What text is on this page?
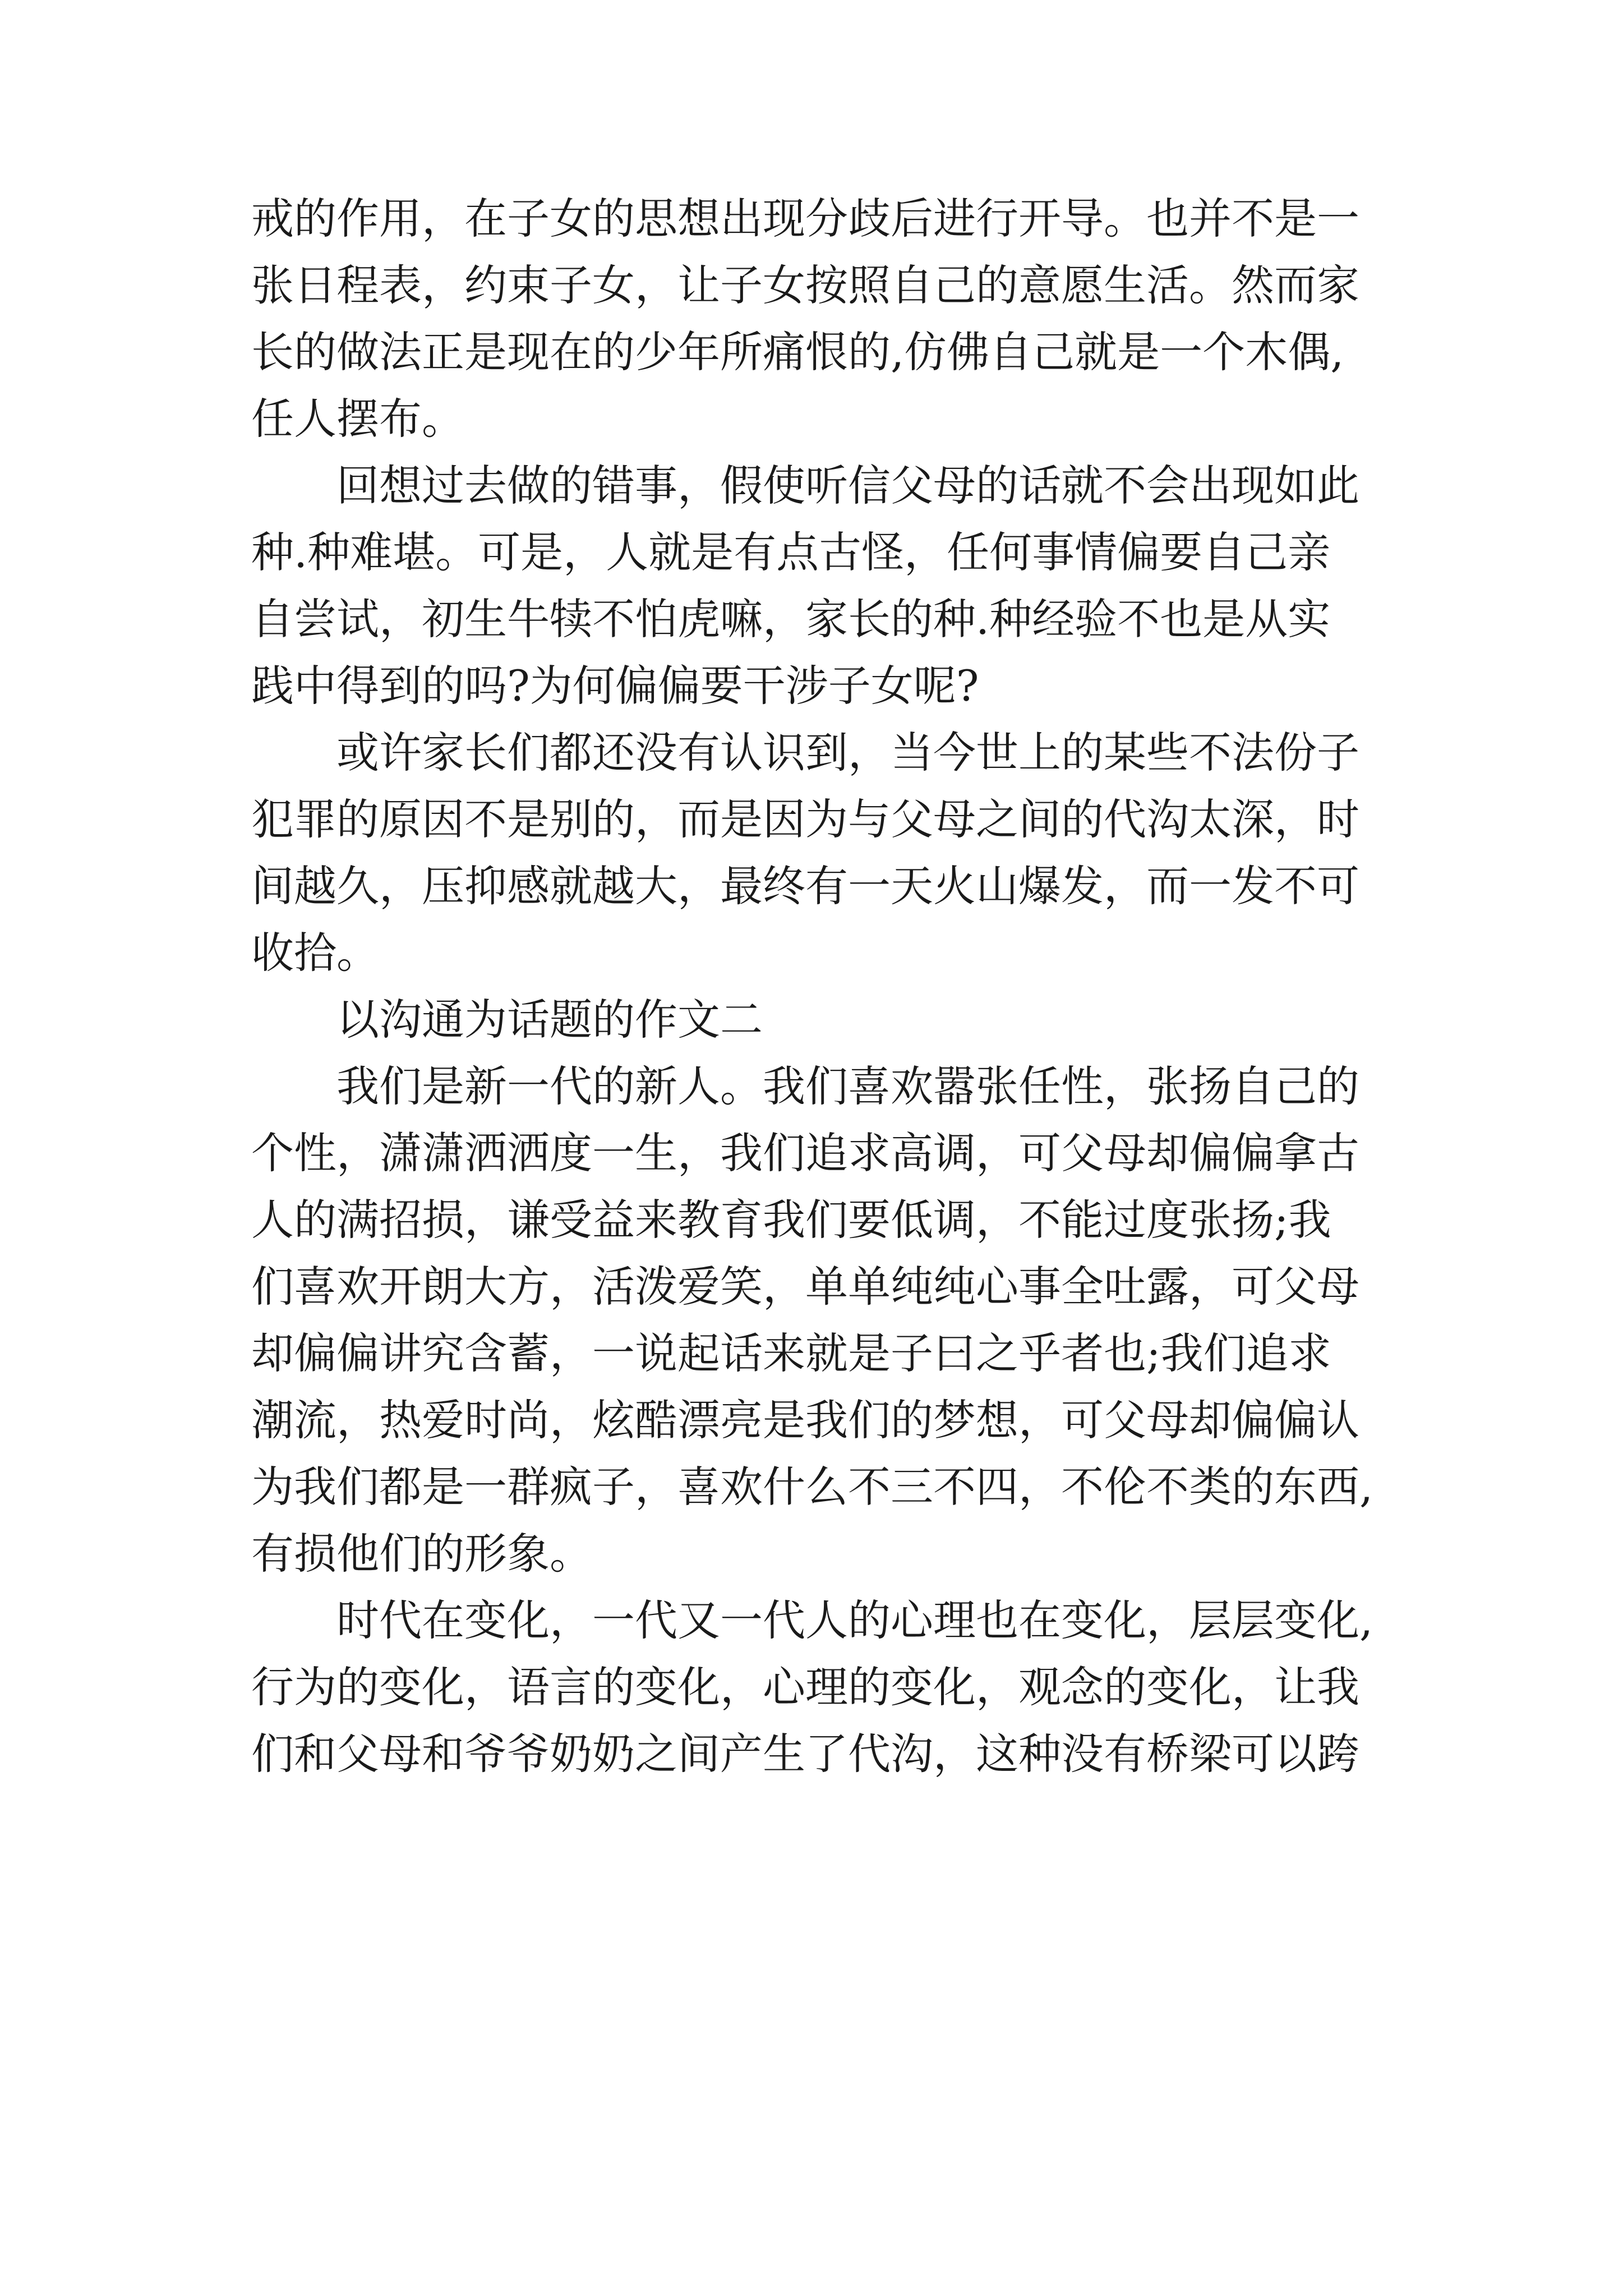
戒的作用，在子女的思想出现分歧后进行开导。也并不是一
张日程表，约束子女，让子女按照自己的意愿生活。然而家
长的做法正是现在的少年所痛恨的,仿佛自己就是一个木偶,
任人摆布。
回想过去做的错事，假使听信父母的话就不会出现如此
种.种难堪。可是，人就是有点古怪，任何事情偏要自己亲
自尝试，初生牛犊不怕虎嘛，家长的种.种经验不也是从实
践中得到的吗?为何偏偏要干涉子女呢?
或许家长们都还没有认识到，当今世上的某些不法份子
犯罪的原因不是别的，而是因为与父母之间的代沟太深，时
间越久，压抑感就越大，最终有一天火山爆发，而一发不可
收拾。
以沟通为话题的作文二
我们是新一代的新人。我们喜欢嚣张任性，张扬自己的
个性，潇潇洒洒度一生，我们追求高调，可父母却偏偏拿古
人的满招损，谦受益来教育我们要低调，不能过度张扬;我
们喜欢开朗大方，活泼爱笑，单单纯纯心事全吐露，可父母
却偏偏讲究含蓄，一说起话来就是子曰之乎者也;我们追求
潮流，热爱时尚，炫酷漂亮是我们的梦想，可父母却偏偏认
为我们都是一群疯子，喜欢什么不三不四，不伦不类的东西,
有损他们的形象。
时代在变化，一代又一代人的心理也在变化，层层变化,
行为的变化，语言的变化，心理的变化，观念的变化，让我
们和父母和爷爷奶奶之间产生了代沟，这种没有桥梁可以跨
